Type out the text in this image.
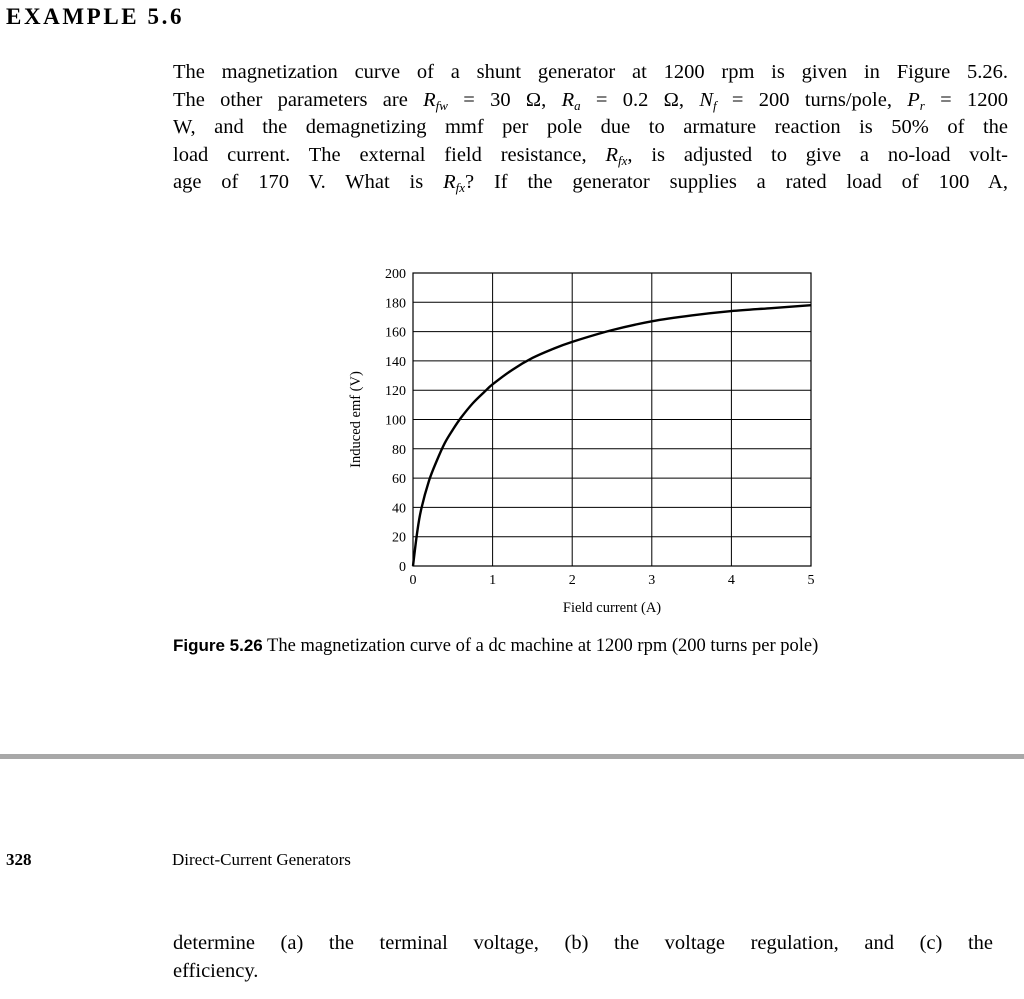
EXAMPLE 5.6
The magnetization curve of a shunt generator at 1200 rpm is given in Figure 5.26.
The other parameters are $R_{fw} = 30$ Ω, $R_a = 0.2$ Ω, $N_f = 200$ turns/pole, $P_r = 1200$
W, and the demagnetizing mmf per pole due to armature reaction is 50% of the
load current. The external field resistance, $R_{fx}$, is adjusted to give a no-load volt-
age of 170 V. What is $R_{fx}$? If the generator supplies a rated load of 100 A,
0
20
40
60
80
100
120
140
160
180
200
0	1	2	3	4	5
Field current (A)
Induced emf (V)
Figure 5.26 The magnetization curve of a dc machine at 1200 rpm (200 turns per pole)
328	Direct-Current Generators
determine (a) the terminal voltage, (b) the voltage regulation, and (c) the
efficiency.
